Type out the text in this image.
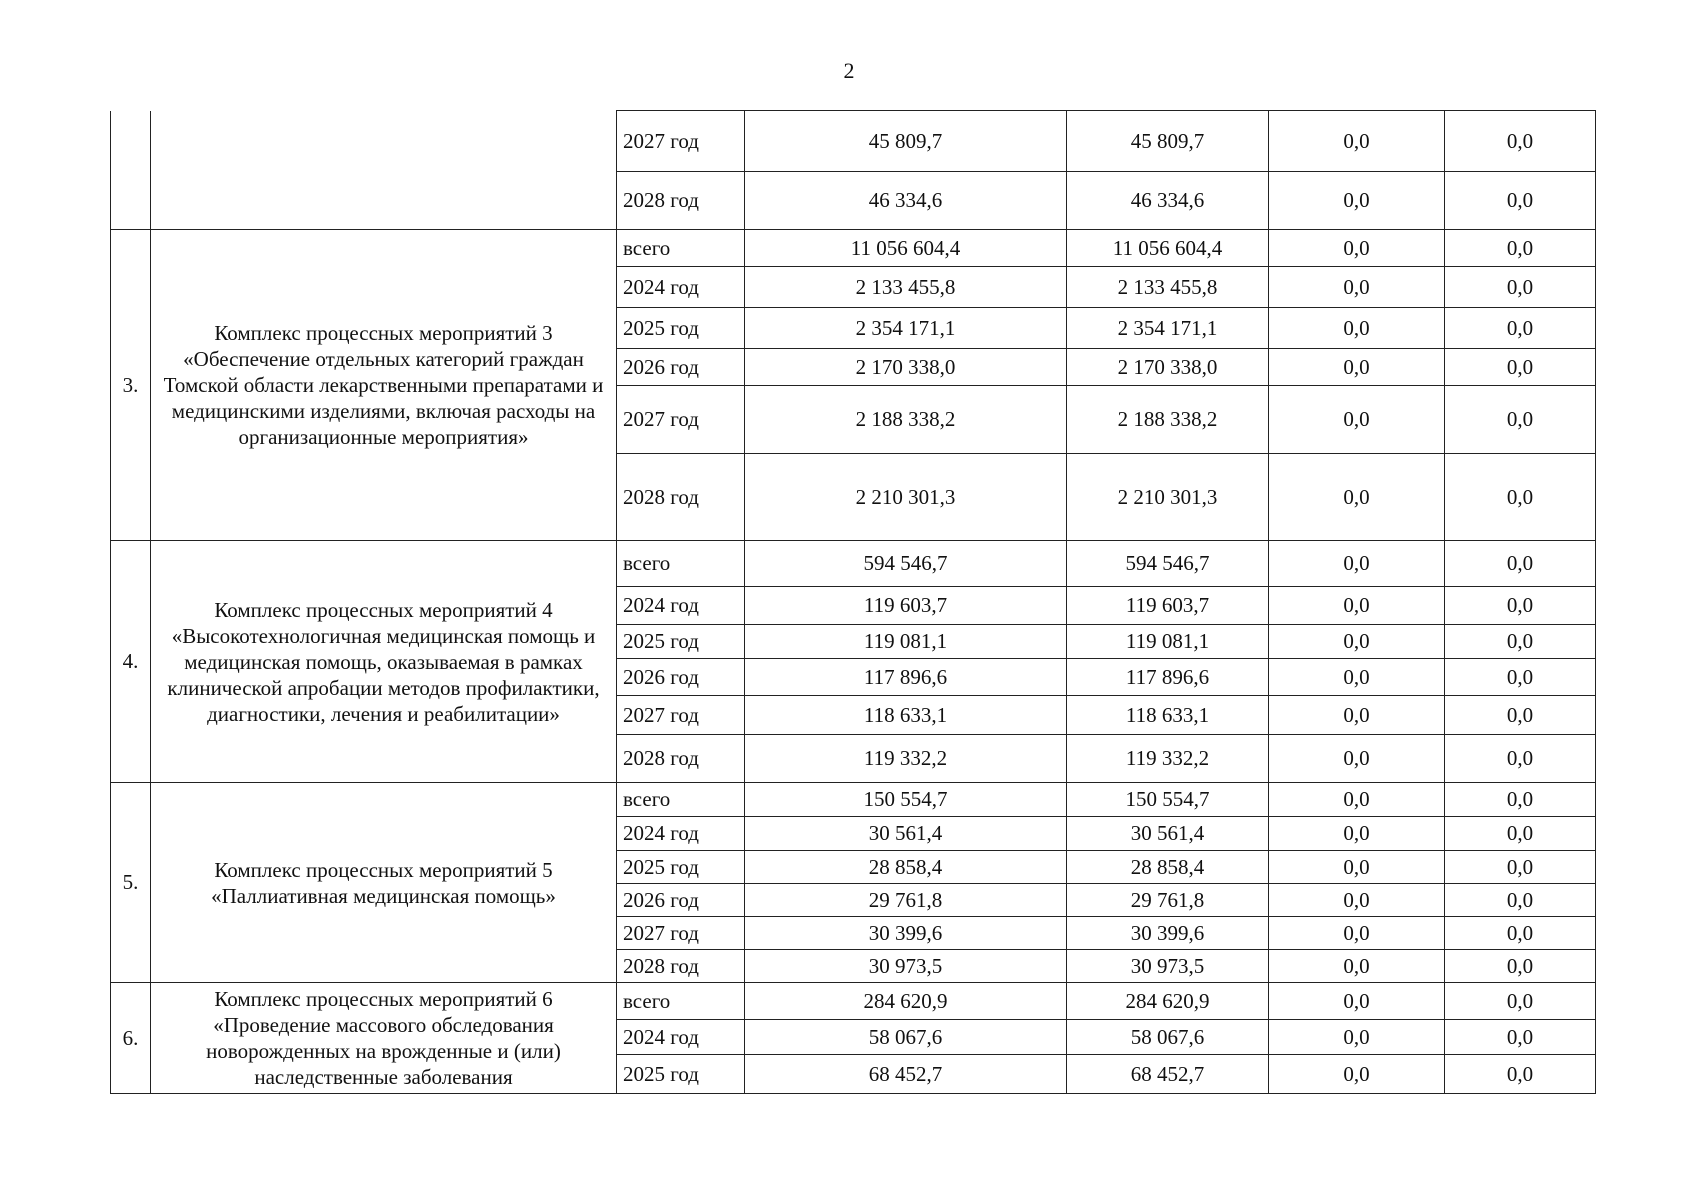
2
		2027 год	45 809,7	45 809,7	0,0	0,0
		2028 год	46 334,6	46 334,6	0,0	0,0
3.	Комплекс процессных мероприятий 3 «Обеспечение отдельных категорий граждан Томской области лекарственными препаратами и медицинскими изделиями, включая расходы на организационные мероприятия»	всего	11 056 604,4	11 056 604,4	0,0	0,0
		2024 год	2 133 455,8	2 133 455,8	0,0	0,0
		2025 год	2 354 171,1	2 354 171,1	0,0	0,0
		2026 год	2 170 338,0	2 170 338,0	0,0	0,0
		2027 год	2 188 338,2	2 188 338,2	0,0	0,0
		2028 год	2 210 301,3	2 210 301,3	0,0	0,0
4.	Комплекс процессных мероприятий 4 «Высокотехнологичная медицинская помощь и медицинская помощь, оказываемая в рамках клинической апробации методов профилактики, диагностики, лечения и реабилитации»	всего	594 546,7	594 546,7	0,0	0,0
		2024 год	119 603,7	119 603,7	0,0	0,0
		2025 год	119 081,1	119 081,1	0,0	0,0
		2026 год	117 896,6	117 896,6	0,0	0,0
		2027 год	118 633,1	118 633,1	0,0	0,0
		2028 год	119 332,2	119 332,2	0,0	0,0
5.	Комплекс процессных мероприятий 5 «Паллиативная медицинская помощь»	всего	150 554,7	150 554,7	0,0	0,0
		2024 год	30 561,4	30 561,4	0,0	0,0
		2025 год	28 858,4	28 858,4	0,0	0,0
		2026 год	29 761,8	29 761,8	0,0	0,0
		2027 год	30 399,6	30 399,6	0,0	0,0
		2028 год	30 973,5	30 973,5	0,0	0,0
6.	Комплекс процессных мероприятий 6 «Проведение массового обследования новорожденных на врожденные и (или) наследственные заболевания	всего	284 620,9	284 620,9	0,0	0,0
		2024 год	58 067,6	58 067,6	0,0	0,0
		2025 год	68 452,7	68 452,7	0,0	0,0
